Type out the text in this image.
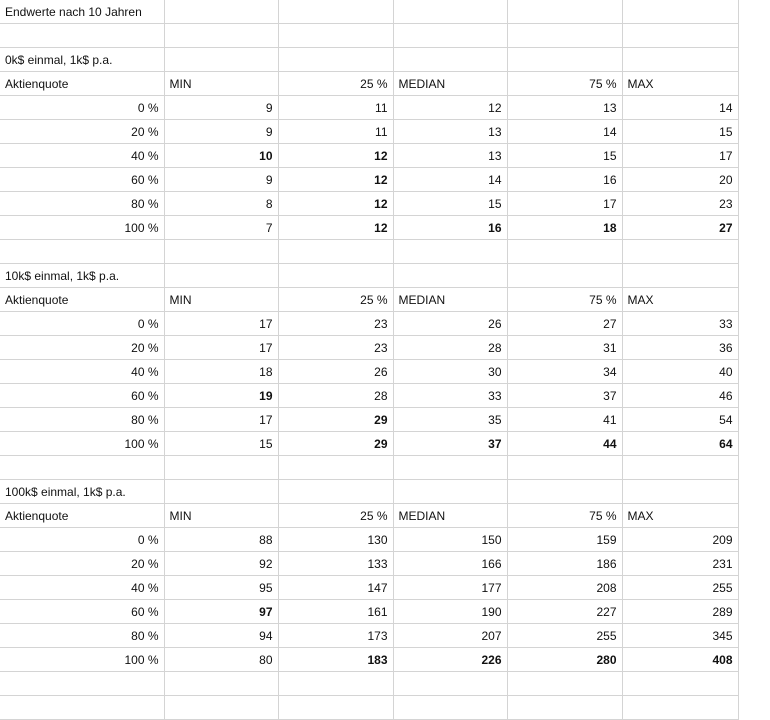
Endwerte nach 10 Jahren					

0k$ einmal, 1k$ p.a.					
Aktienquote	MIN	25 %	MEDIAN	75 %	MAX
0 %	9	11	12	13	14
20 %	9	11	13	14	15
40 %	10	12	13	15	17
60 %	9	12	14	16	20
80 %	8	12	15	17	23
100 %	7	12	16	18	27

10k$ einmal, 1k$ p.a.					
Aktienquote	MIN	25 %	MEDIAN	75 %	MAX
0 %	17	23	26	27	33
20 %	17	23	28	31	36
40 %	18	26	30	34	40
60 %	19	28	33	37	46
80 %	17	29	35	41	54
100 %	15	29	37	44	64

100k$ einmal, 1k$ p.a.					
Aktienquote	MIN	25 %	MEDIAN	75 %	MAX
0 %	88	130	150	159	209
20 %	92	133	166	186	231
40 %	95	147	177	208	255
60 %	97	161	190	227	289
80 %	94	173	207	255	345
100 %	80	183	226	280	408
